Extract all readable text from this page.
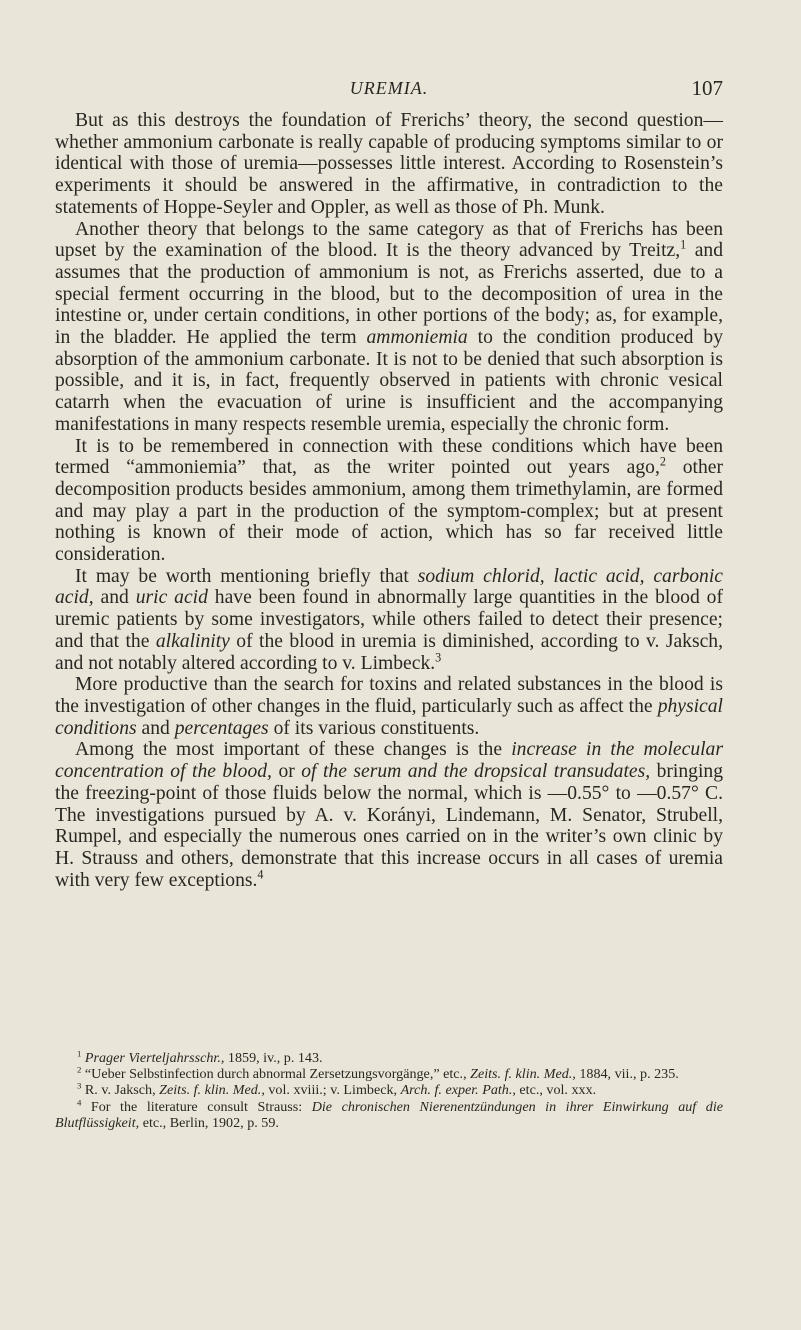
UREMIA.	107

But as this destroys the foundation of Frerichs’ theory, the second question—whether ammonium carbonate is really capable of producing symptoms similar to or identical with those of uremia—possesses little interest. According to Rosenstein’s experiments it should be answered in the affirmative, in contradiction to the statements of Hoppe-Seyler and Oppler, as well as those of Ph. Munk.

Another theory that belongs to the same category as that of Frerichs has been upset by the examination of the blood. It is the theory advanced by Treitz,$^1$ and assumes that the production of ammonium is not, as Frerichs asserted, due to a special ferment occurring in the blood, but to the decomposition of urea in the intestine or, under certain conditions, in other portions of the body; as, for example, in the bladder. He applied the term ammoniemia to the condition produced by absorption of the ammonium carbonate. It is not to be denied that such absorption is possible, and it is, in fact, frequently observed in patients with chronic vesical catarrh when the evacuation of urine is insufficient and the accompanying manifestations in many respects resemble uremia, especially the chronic form.

It is to be remembered in connection with these conditions which have been termed “ammoniemia” that, as the writer pointed out years ago,$^2$ other decomposition products besides ammonium, among them trimethylamin, are formed and may play a part in the production of the symptom-complex; but at present nothing is known of their mode of action, which has so far received little consideration.

It may be worth mentioning briefly that sodium chlorid, lactic acid, carbonic acid, and uric acid have been found in abnormally large quantities in the blood of uremic patients by some investigators, while others failed to detect their presence; and that the alkalinity of the blood in uremia is diminished, according to v. Jaksch, and not notably altered according to v. Limbeck.$^3$

More productive than the search for toxins and related substances in the blood is the investigation of other changes in the fluid, particularly such as affect the physical conditions and percentages of its various constituents.

Among the most important of these changes is the increase in the molecular concentration of the blood, or of the serum and the dropsical transudates, bringing the freezing-point of those fluids below the normal, which is —0.55° to —0.57° C. The investigations pursued by A. v. Korányi, Lindemann, M. Senator, Strubell, Rumpel, and especially the numerous ones carried on in the writer’s own clinic by H. Strauss and others, demonstrate that this increase occurs in all cases of uremia with very few exceptions.$^4$

$^1$ Prager Vierteljahrsschr., 1859, iv., p. 143.

$^2$ “Ueber Selbstinfection durch abnormal Zersetzungsvorgänge,” etc., Zeits. f. klin. Med., 1884, vii., p. 235.

$^3$ R. v. Jaksch, Zeits. f. klin. Med., vol. xviii.; v. Limbeck, Arch. f. exper. Path., etc., vol. xxx.

$^4$ For the literature consult Strauss: Die chronischen Nierenentzündungen in ihrer Einwirkung auf die Blutflüssigkeit, etc., Berlin, 1902, p. 59.
